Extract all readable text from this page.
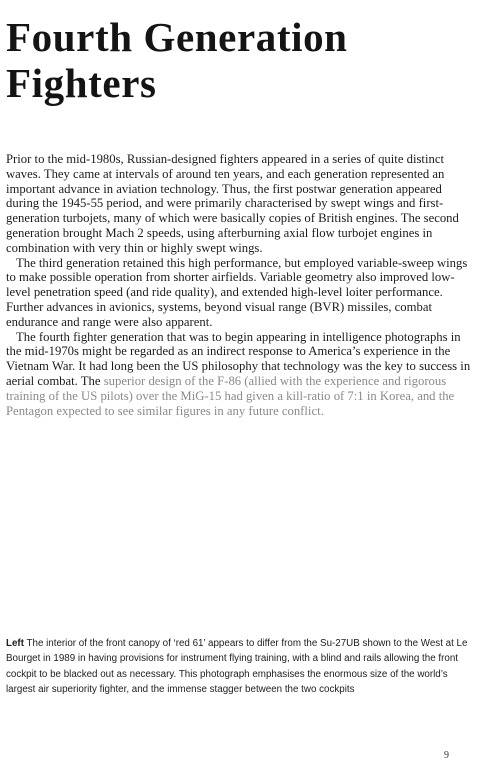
Fourth Generation
Fighters

Prior to the mid-1980s, Russian-designed fighters appeared in a series of quite distinct waves. They came at intervals of around ten years, and each generation represented an important advance in aviation technology. Thus, the first postwar generation appeared during the 1945-55 period, and were primarily characterised by swept wings and first-generation turbojets, many of which were basically copies of British engines. The second generation brought Mach 2 speeds, using afterburning axial flow turbojet engines in combination with very thin or highly swept wings.

The third generation retained this high performance, but employed variable-sweep wings to make possible operation from shorter airfields. Variable geometry also improved low-level penetration speed (and ride quality), and extended high-level loiter performance. Further advances in avionics, systems, beyond visual range (BVR) missiles, combat endurance and range were also apparent.

The fourth fighter generation that was to begin appearing in intelligence photographs in the mid-1970s might be regarded as an indirect response to America’s experience in the Vietnam War. It had long been the US philosophy that technology was the key to success in aerial combat. The superior design of the F-86 (allied with the experience and rigorous training of the US pilots) over the MiG-15 had given a kill-ratio of 7:1 in Korea, and the Pentagon expected to see similar figures in any future conflict.

Left The interior of the front canopy of ‘red 61’ appears to differ from the Su-27UB shown to the West at Le Bourget in 1989 in having provisions for instrument flying training, with a blind and rails allowing the front cockpit to be blacked out as necessary. This photograph emphasises the enormous size of the world’s largest air superiority fighter, and the immense stagger between the two cockpits
9
